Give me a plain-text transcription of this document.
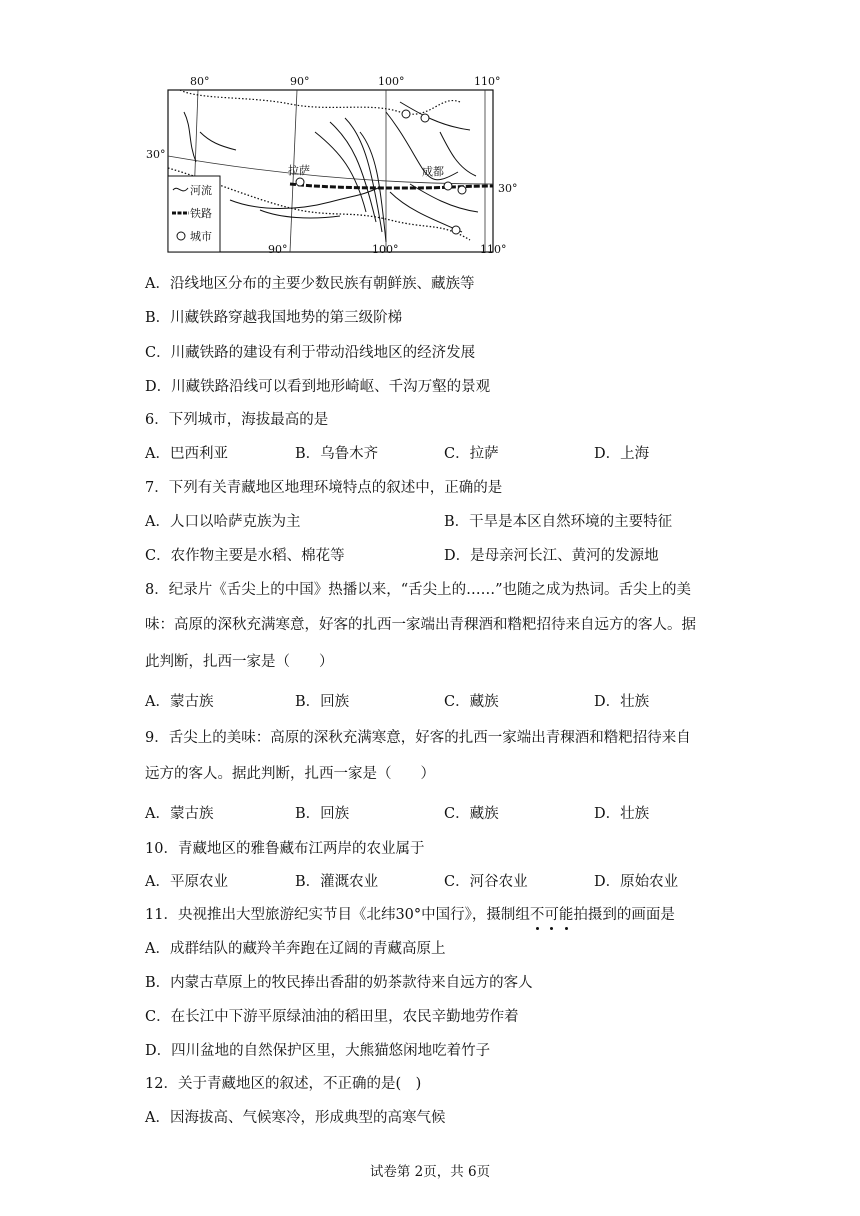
80°	90°	100°	110°
90°	100°	110°
30°
30°
拉萨	成都
河流
铁路
城市
A．沿线地区分布的主要少数民族有朝鲜族、藏族等
B．川藏铁路穿越我国地势的第三级阶梯
C．川藏铁路的建设有利于带动沿线地区的经济发展
D．川藏铁路沿线可以看到地形崎岖、千沟万壑的景观
6．下列城市，海拔最高的是
A．巴西利亚	B．乌鲁木齐	C．拉萨	D．上海
7．下列有关青藏地区地理环境特点的叙述中，正确的是
A．人口以哈萨克族为主	B．干旱是本区自然环境的主要特征
C．农作物主要是水稻、棉花等	D．是母亲河长江、黄河的发源地
8．纪录片《舌尖上的中国》热播以来，“舌尖上的……”也随之成为热词。舌尖上的美
味：高原的深秋充满寒意，好客的扎西一家端出青稞酒和糌粑招待来自远方的客人。据
此判断，扎西一家是（　　）
A．蒙古族	B．回族	C．藏族	D．壮族
9．舌尖上的美味：高原的深秋充满寒意，好客的扎西一家端出青稞酒和糌粑招待来自
远方的客人。据此判断，扎西一家是（　　）
A．蒙古族	B．回族	C．藏族	D．壮族
10．青藏地区的雅鲁藏布江两岸的农业属于
A．平原农业	B．灌溉农业	C．河谷农业	D．原始农业
11．央视推出大型旅游纪实节目《北纬30°中国行》，摄制组不可能拍摄到的画面是
A．成群结队的藏羚羊奔跑在辽阔的青藏高原上
B．内蒙古草原上的牧民捧出香甜的奶茶款待来自远方的客人
C．在长江中下游平原绿油油的稻田里，农民辛勤地劳作着
D．四川盆地的自然保护区里，大熊猫悠闲地吃着竹子
12．关于青藏地区的叙述，不正确的是(　)
A．因海拔高、气候寒冷，形成典型的高寒气候
试卷第 2页，共 6页
